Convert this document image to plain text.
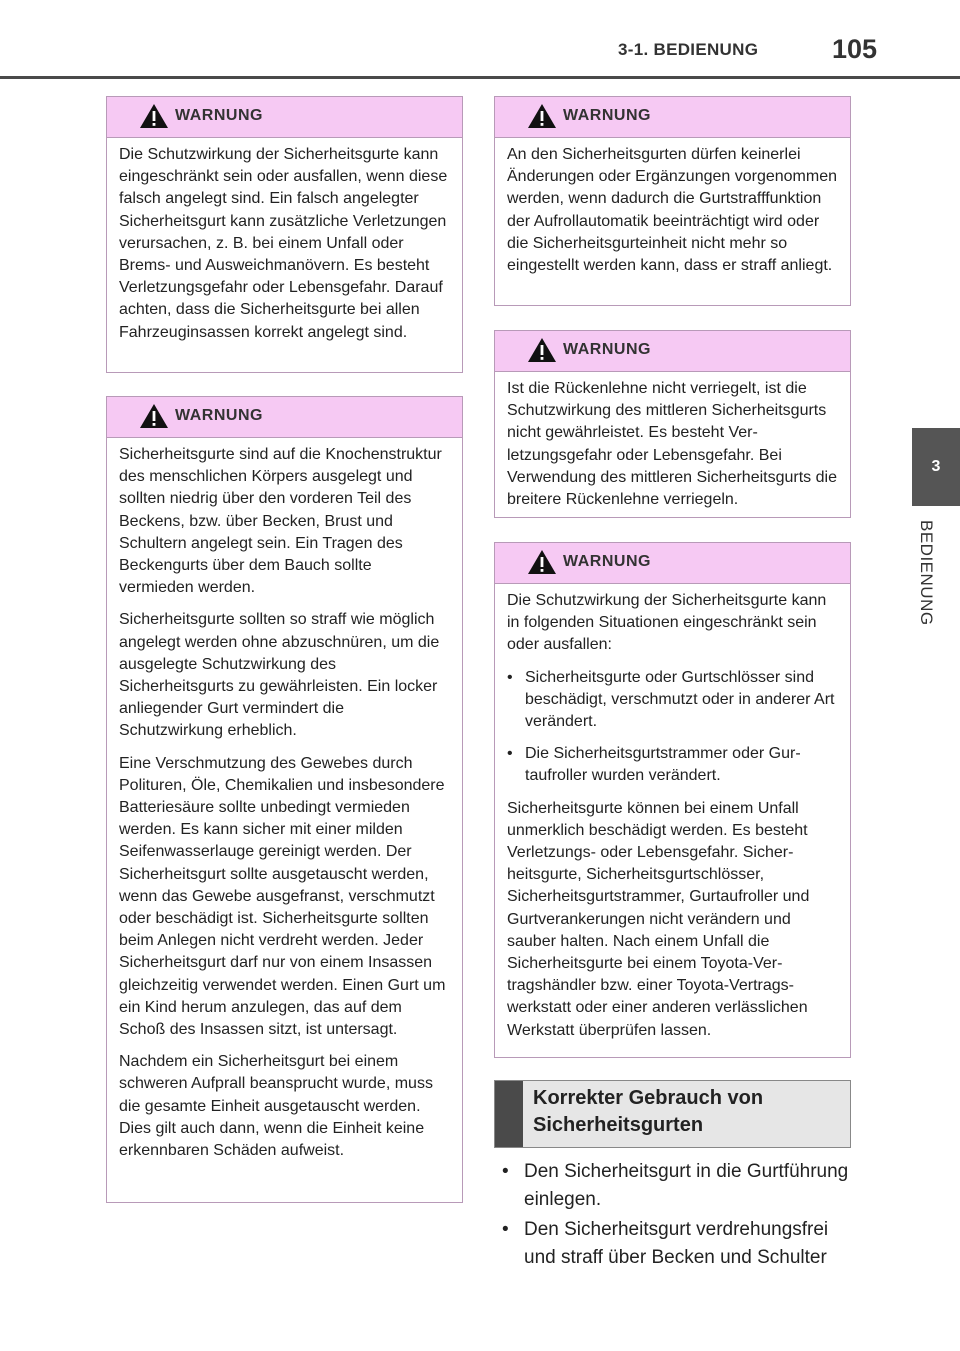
3-1. BEDIENUNG	105
3
BEDIENUNG
WARNUNG

Die Schutzwirkung der Sicherheitsgurte kann eingeschränkt sein oder ausfallen, wenn diese falsch angelegt sind. Ein falsch angelegter Sicherheitsgurt kann zusätzliche Verletzungen verursachen, z. B. bei einem Unfall oder Brems- und Ausweichmanövern. Es besteht Verletzungsgefahr oder Lebensgefahr. Darauf achten, dass die Sicherheitsgurte bei allen Fahrzeuginsassen korrekt angelegt sind.

WARNUNG

Sicherheitsgurte sind auf die Knochenstruktur des menschlichen Körpers ausgelegt und sollten niedrig über den vorderen Teil des Beckens, bzw. über Becken, Brust und Schultern angelegt sein. Ein Tragen des Beckengurts über dem Bauch sollte vermieden werden.

Sicherheitsgurte sollten so straff wie möglich angelegt werden ohne abzuschnüren, um die ausgelegte Schutzwirkung des Sicherheitsgurts zu gewährleisten. Ein locker anliegender Gurt vermindert die Schutzwirkung erheblich.

Eine Verschmutzung des Gewebes durch Polituren, Öle, Chemikalien und insbesondere Batteriesäure sollte unbedingt vermieden werden. Es kann sicher mit einer milden Seifenwasserlauge gereinigt werden. Der Sicherheitsgurt sollte ausgetauscht werden, wenn das Gewebe ausgefranst, verschmutzt oder beschädigt ist. Sicherheitsgurte sollten beim Anlegen nicht verdreht werden. Jeder Sicherheitsgurt darf nur von einem Insassen gleichzeitig verwendet werden. Einen Gurt um ein Kind herum anzulegen, das auf dem Schoß des Insassen sitzt, ist untersagt.

Nachdem ein Sicherheitsgurt bei einem schweren Aufprall beansprucht wurde, muss die gesamte Einheit ausgetauscht werden. Dies gilt auch dann, wenn die Einheit keine erkennbaren Schäden aufweist.

WARNUNG

An den Sicherheitsgurten dürfen keinerlei Änderungen oder Ergänzungen vorgenommen werden, wenn dadurch die Gurtstrafffunktion der Aufrollautomatik beeinträchtigt wird oder die Sicherheitsgurteinheit nicht mehr so eingestellt werden kann, dass er straff anliegt.

WARNUNG

Ist die Rückenlehne nicht verriegelt, ist die Schutzwirkung des mittleren Sicherheitsgurts nicht gewährleistet. Es besteht Verletzungsgefahr oder Lebensgefahr. Bei Verwendung des mittleren Sicherheitsgurts die breitere Rückenlehne verriegeln.

WARNUNG

Die Schutzwirkung der Sicherheitsgurte kann in folgenden Situationen eingeschränkt sein oder ausfallen:

• Sicherheitsgurte oder Gurtschlösser sind beschädigt, verschmutzt oder in anderer Art verändert.
• Die Sicherheitsgurtstrammer oder Gurtaufroller wurden verändert.

Sicherheitsgurte können bei einem Unfall unmerklich beschädigt werden. Es besteht Verletzungs- oder Lebensgefahr. Sicherheitsgurte, Sicherheitsgurtschlösser, Sicherheitsgurtstrammer, Gurtaufroller und Gurtverankerungen nicht verändern und sauber halten. Nach einem Unfall die Sicherheitsgurte bei einem Toyota-Vertragshändler bzw. einer Toyota-Vertragswerkstatt oder einer anderen verlässlichen Werkstatt überprüfen lassen.

Korrekter Gebrauch von
Sicherheitsgurten
• Den Sicherheitsgurt in die Gurtführung einlegen.
• Den Sicherheitsgurt verdrehungsfrei und straff über Becken und Schulter
